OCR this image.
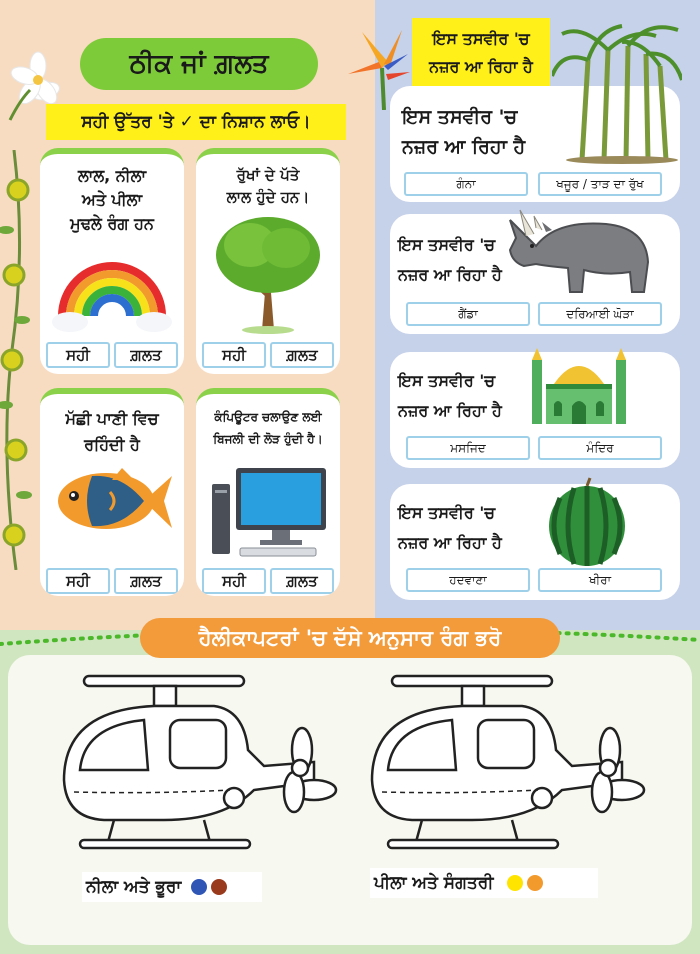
ਠੀਕ ਜਾਂ ਗ਼ਲਤ
ਸਹੀ ਉੱਤਰ 'ਤੇ ✓ ਦਾ ਨਿਸ਼ਾਨ ਲਾਓ।
ਲਾਲ, ਨੀਲਾ
ਅਤੇ ਪੀਲਾ
ਮੁਢਲੇ ਰੰਗ ਹਨ
ਸਹੀ	ਗ਼ਲਤ
ਰੁੱਖਾਂ ਦੇ ਪੱਤੇ
ਲਾਲ ਹੁੰਦੇ ਹਨ।
ਸਹੀ	ਗ਼ਲਤ
ਮੱਛੀ ਪਾਣੀ ਵਿਚ
ਰਹਿੰਦੀ ਹੈ
ਸਹੀ	ਗ਼ਲਤ
ਕੰਪਿਊਟਰ ਚਲਾਉਣ ਲਈ
ਬਿਜਲੀ ਦੀ ਲੋੜ ਹੁੰਦੀ ਹੈ।
ਸਹੀ	ਗ਼ਲਤ
ਇਸ ਤਸਵੀਰ 'ਚ
ਨਜ਼ਰ ਆ ਰਿਹਾ ਹੈ
ਇਸ ਤਸਵੀਰ 'ਚ
ਨਜ਼ਰ ਆ ਰਿਹਾ ਹੈ
ਗੰਨਾ	ਖਜੂਰ / ਤਾੜ ਦਾ ਰੁੱਖ
ਇਸ ਤਸਵੀਰ 'ਚ
ਨਜ਼ਰ ਆ ਰਿਹਾ ਹੈ
ਗੈਂਡਾ	ਦਰਿਆਈ ਘੋੜਾ
ਇਸ ਤਸਵੀਰ 'ਚ
ਨਜ਼ਰ ਆ ਰਿਹਾ ਹੈ
ਮਸਜਿਦ	ਮੰਦਿਰ
ਇਸ ਤਸਵੀਰ 'ਚ
ਨਜ਼ਰ ਆ ਰਿਹਾ ਹੈ
ਹਦਵਾਣਾ	ਖੀਰਾ
ਹੈਲੀਕਾਪਟਰਾਂ 'ਚ ਦੱਸੇ ਅਨੁਸਾਰ ਰੰਗ ਭਰੋ
ਨੀਲਾ ਅਤੇ ਭੂਰਾ	ਪੀਲਾ ਅਤੇ ਸੰਗਤਰੀ
